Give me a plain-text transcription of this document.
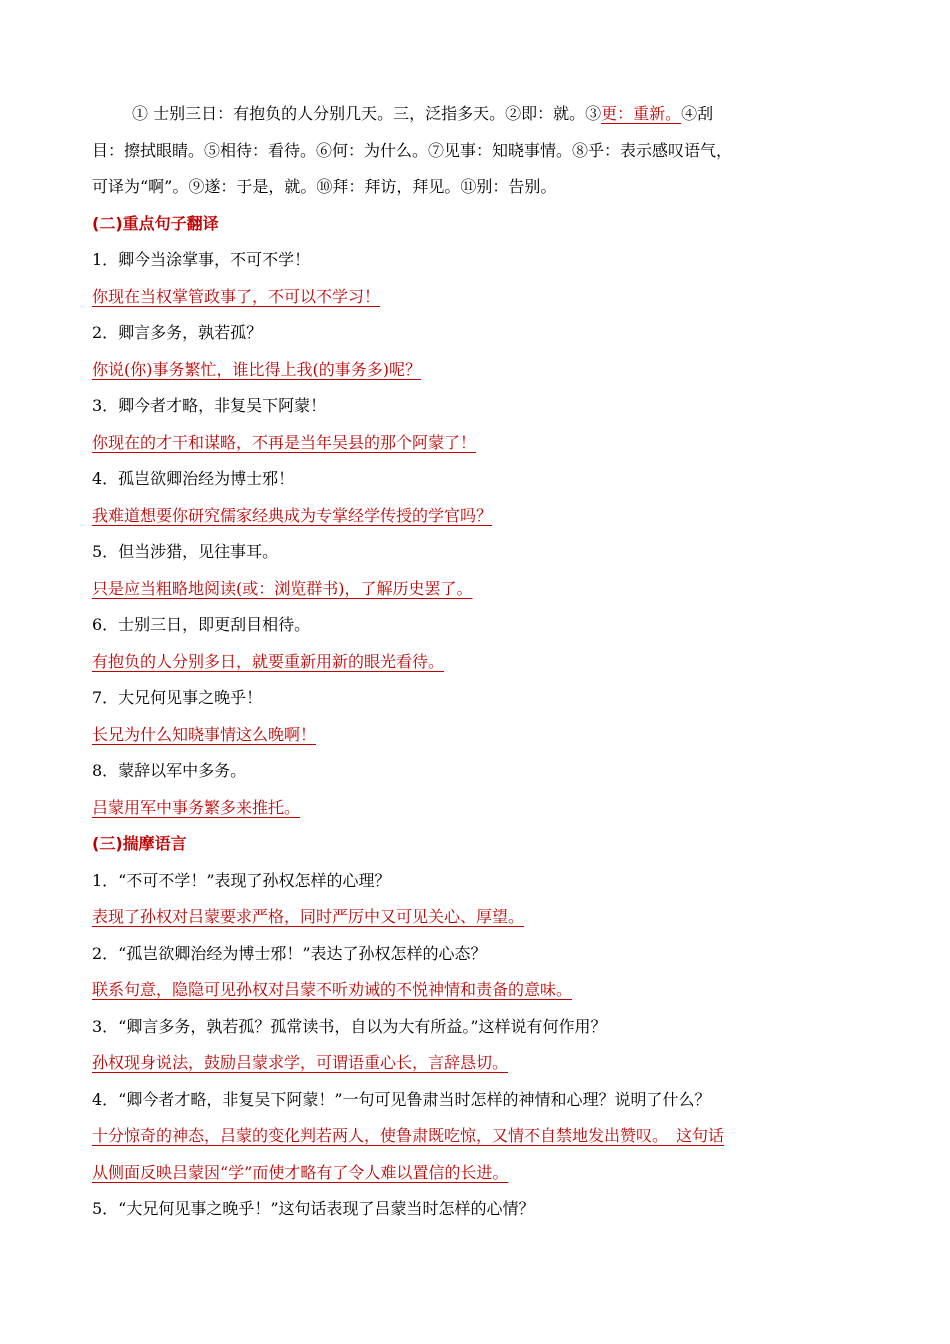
① 士别三日：有抱负的人分别几天。三，泛指多天。②即：就。③更：重新。④刮

目：擦拭眼睛。⑤相待：看待。⑥何：为什么。⑦见事：知晓事情。⑧乎：表示感叹语气，

可译为“啊”。⑨遂：于是，就。⑩拜：拜访，拜见。⑪别：告别。

(二)重点句子翻译

1．卿今当涂掌事，不可不学！

你现在当权掌管政事了，不可以不学习！

2．卿言多务，孰若孤？

你说(你)事务繁忙，谁比得上我(的事务多)呢？

3．卿今者才略，非复吴下阿蒙！

你现在的才干和谋略，不再是当年吴县的那个阿蒙了！

4．孤岂欲卿治经为博士邪！

我难道想要你研究儒家经典成为专掌经学传授的学官吗？

5．但当涉猎，见往事耳。

只是应当粗略地阅读(或：浏览群书)，了解历史罢了。

6．士别三日，即更刮目相待。

有抱负的人分别多日，就要重新用新的眼光看待。

7．大兄何见事之晚乎！

长兄为什么知晓事情这么晚啊！

8．蒙辞以军中多务。

吕蒙用军中事务繁多来推托。

(三)揣摩语言

1．“不可不学！”表现了孙权怎样的心理？

表现了孙权对吕蒙要求严格，同时严厉中又可见关心、厚望。

2．“孤岂欲卿治经为博士邪！”表达了孙权怎样的心态？

联系句意，隐隐可见孙权对吕蒙不听劝诫的不悦神情和责备的意味。

3．“卿言多务，孰若孤？孤常读书，自以为大有所益。”这样说有何作用？

孙权现身说法，鼓励吕蒙求学，可谓语重心长，言辞恳切。

4．“卿今者才略，非复吴下阿蒙！”一句可见鲁肃当时怎样的神情和心理？说明了什么？

十分惊奇的神态，吕蒙的变化判若两人，使鲁肃既吃惊，又情不自禁地发出赞叹。　这句话

从侧面反映吕蒙因“学”而使才略有了令人难以置信的长进。

5．“大兄何见事之晚乎！”这句话表现了吕蒙当时怎样的心情？
